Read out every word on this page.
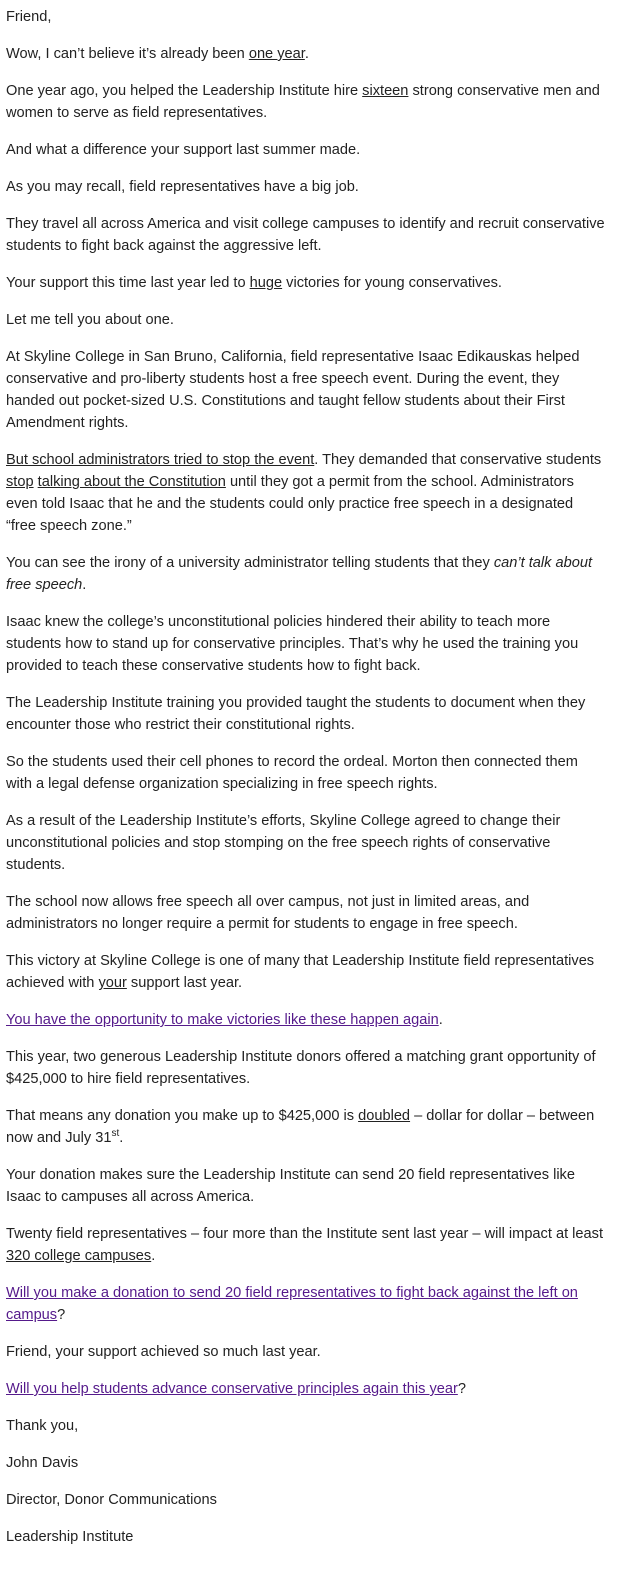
Friend,

Wow, I can’t believe it’s already been one year.

One year ago, you helped the Leadership Institute hire sixteen strong conservative men and women to serve as field representatives.

And what a difference your support last summer made.

As you may recall, field representatives have a big job.

They travel all across America and visit college campuses to identify and recruit conservative students to fight back against the aggressive left.

Your support this time last year led to huge victories for young conservatives.

Let me tell you about one.

At Skyline College in San Bruno, California, field representative Isaac Edikauskas helped conservative and pro-liberty students host a free speech event. During the event, they handed out pocket-sized U.S. Constitutions and taught fellow students about their First Amendment rights.

But school administrators tried to stop the event. They demanded that conservative students stop talking about the Constitution until they got a permit from the school. Administrators even told Isaac that he and the students could only practice free speech in a designated “free speech zone.”

You can see the irony of a university administrator telling students that they can’t talk about free speech.

Isaac knew the college’s unconstitutional policies hindered their ability to teach more students how to stand up for conservative principles. That’s why he used the training you provided to teach these conservative students how to fight back.

The Leadership Institute training you provided taught the students to document when they encounter those who restrict their constitutional rights.

So the students used their cell phones to record the ordeal. Morton then connected them with a legal defense organization specializing in free speech rights.

As a result of the Leadership Institute’s efforts, Skyline College agreed to change their unconstitutional policies and stop stomping on the free speech rights of conservative students.

The school now allows free speech all over campus, not just in limited areas, and administrators no longer require a permit for students to engage in free speech.

This victory at Skyline College is one of many that Leadership Institute field representatives achieved with your support last year.

You have the opportunity to make victories like these happen again.

This year, two generous Leadership Institute donors offered a matching grant opportunity of $425,000 to hire field representatives.

That means any donation you make up to $425,000 is doubled – dollar for dollar – between now and July 31st.

Your donation makes sure the Leadership Institute can send 20 field representatives like Isaac to campuses all across America.

Twenty field representatives – four more than the Institute sent last year – will impact at least 320 college campuses.

Will you make a donation to send 20 field representatives to fight back against the left on campus?

Friend, your support achieved so much last year.

Will you help students advance conservative principles again this year?

Thank you,

John Davis

Director, Donor Communications

Leadership Institute
